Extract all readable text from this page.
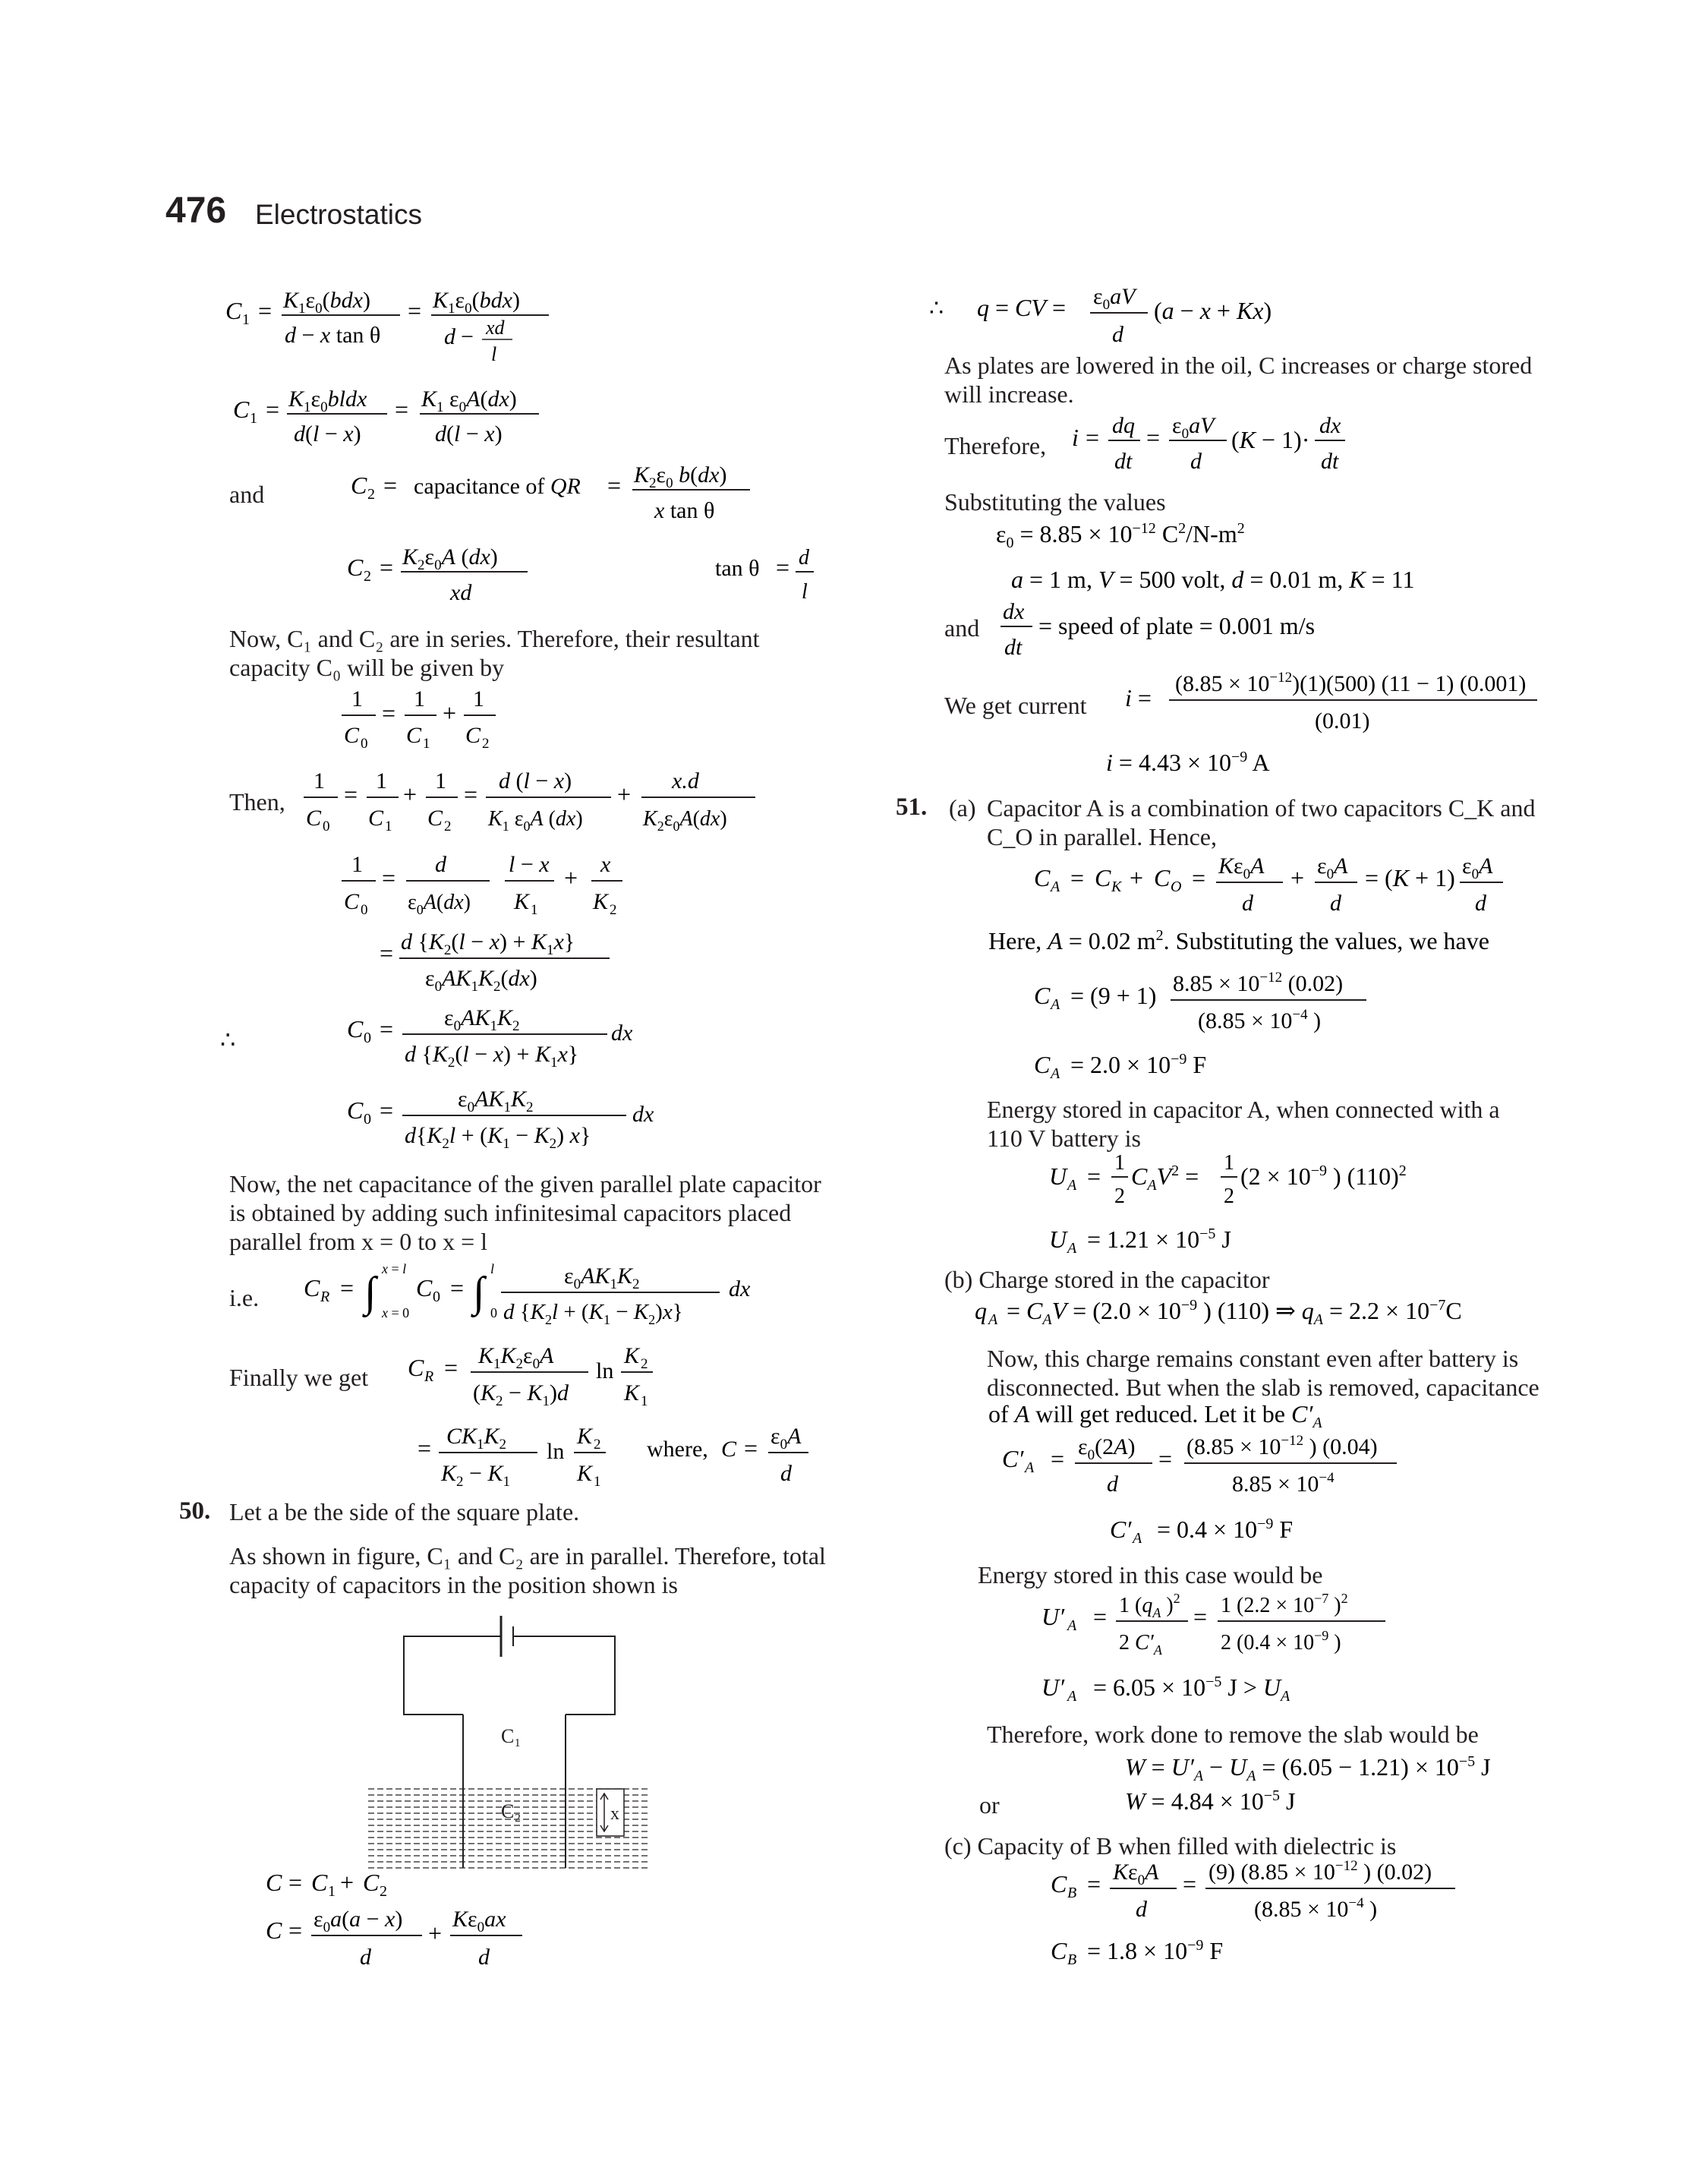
476 Electrostatics
C $1 = K_1\varepsilon_0(bdx)$
d − x tan θ
= $K_1\varepsilon_0(bdx)$
d − xd
l
C $1 = K_1\varepsilon_0bldx$
d(l − x)
= $K_1$ $\varepsilon_0A(dx)$
d(l − x)
and	C 2 = capacitance of QR = $K_2\varepsilon_0$ b(dx)
x tan θ
C $2 = K_2\varepsilon_0A$ (dx)
xd
tan θ = d
l
Now, C₁ and C₂ are in series. Therefore, their resultant
capacity C₀ will be given by
1
C 0
=
1
C 1
+
1
C 2
Then,
1
C 0
= 1
C 1
+ 1
C 2
= d (l − x)
$K_1$ $\varepsilon_0A$ (dx)
+ x.d
$K_2\varepsilon_0A(dx)$
1
C 0
= d
$\varepsilon_0A(dx)$
l − x
K 1
+ x
K 2
= d $\{K_2(l - x) + K_1x\}$
$\varepsilon_0AK_1K_2(dx)$
∴	C $0 = \varepsilon_0AK_1K_2$
d $\{K_2(l - x) + K_1x\}$
dx
C 0 =	$\varepsilon_0AK_1K_2$
$d\{K_2l + (K_1 - K_2)$ x}
dx
Now, the net capacitance of the given parallel plate capacitor
is obtained by adding such infinitesimal capacitors placed
parallel from x = 0 to x = l
i.e. C R = ∫ x = l
x = 0
C 0 = ∫ l
0
$\varepsilon_0AK_1K_2$
d $\{K_2l + (K_1 - K_2)x\}$
dx
Finally we get C $R = K_1K_2\varepsilon_0A$
$(K_2 - K_1)d$
ln
K 2
K 1
= $CK_1K_2$
$K_2 - K_1$
ln
K 2
K 1
where, $C = \varepsilon_0A$
d
50. Let a be the side of the square plate.
As shown in figure, C₁ and C₂ are in parallel. Therefore, total
capacity of capacitors in the position shown is
x
C₁
C₂
C = C 1 + C 2
$C = \varepsilon_0a(a - x)$
d
+
$K\varepsilon_0ax$
d
∴ q = CV = $\varepsilon_0aV$
d
(a − x + Kx)
As plates are lowered in the oil, C increases or charge stored
will increase.
Therefore, i = dq
dt
= $\varepsilon_0aV$
d
(K − 1)·
dx
dt
Substituting the values
$\varepsilon_0 = 8.85 \times 10^{-12}$ $C^2/N-m^2$
a = 1 m, V = 500 volt, d = 0.01 m, K = 11
and
dx
dt
= speed of plate = 0.001 m/s
We get current i =
$(8.85 \times 10^{-12})(1)(500)$ (11 − 1) (0.001)
(0.01)
$i = 4.43 \times 10^{-9}$ A
51. (a) Capacitor A is a combination of two capacitors C_K and
C_O in parallel. Hence,
C A = C K + C $O = K\varepsilon_0A$
d
+ $\varepsilon_0A$
d
= (K + 1) $\varepsilon_0A$
d
Here, A = 0.02 $m^2$. Substituting the values, we have
C A = (9 + 1) $8.85 \times 10^{-12}$ (0.02)
($8.85 \times 10^{-4}$ )
C $A = 2.0 \times 10^{-9}$ F
Energy stored in capacitor A, when connected with a
110 V battery is
U A = 1
2
$C_AV^2 = 1$
2
($2 \times 10^{-9}$ ) $(110)^2$
U $A = 1.21 \times 10^{-5}$ J
(b) Charge stored in the capacitor
q $A = C_AV = (2.0 \times 10^{-9}$ ) (110) ⇒ $q_A = 2.2 \times 10^{-7}C$
Now, this charge remains constant even after battery is
disconnected. But when the slab is removed, capacitance
of A will get reduced. Let it be $C'_A$
C′ $A = \varepsilon_0(2A)$
d
= ($8.85 \times 10^{-12}$ ) (0.04)
$8.85 \times 10^{-4}$
C′ $A = 0.4 \times 10^{-9}$ F
Energy stored in this case would be
U′ A = 1 ($q_A$ )$^2$
2 $C'_A$
= 1 ($2.2 \times 10^{-7}$ )$^2$
2 ($0.4 \times 10^{-9}$ )
U′ $A = 6.05 \times 10^{-5}$ $J > U_A$
Therefore, work done to remove the slab would be
$W = U'_A - U_A = (6.05 - 1.21) \times 10^{-5}$ J
or	$W = 4.84 \times 10^{-5}$ J
(c) Capacity of B when filled with dielectric is
C $B = K\varepsilon_0A$
d
= (9) ($8.85 \times 10^{-12}$ ) (0.02)
($8.85 \times 10^{-4}$ )
C $B = 1.8 \times 10^{-9}$ F
